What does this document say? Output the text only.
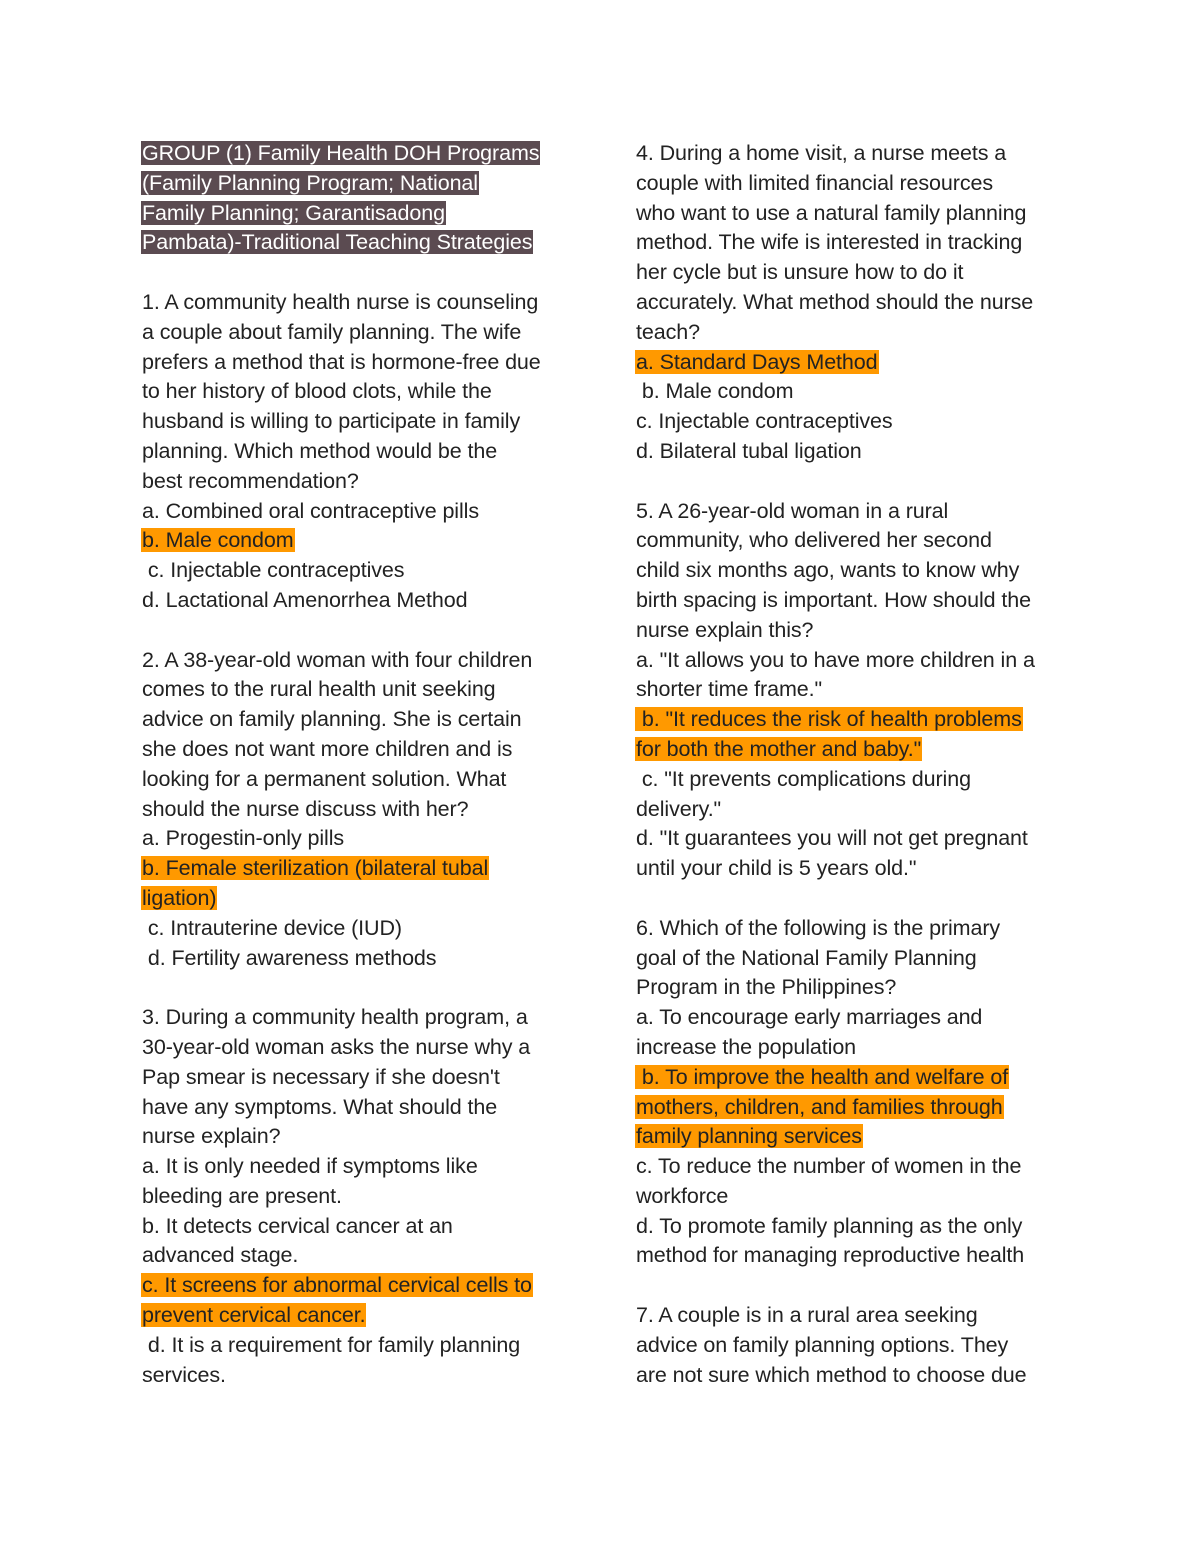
GROUP (1) Family Health DOH Programs
(Family Planning Program; National
Family Planning; Garantisadong
Pambata)-Traditional Teaching Strategies
1. A community health nurse is counseling
a couple about family planning. The wife
prefers a method that is hormone-free due
to her history of blood clots, while the
husband is willing to participate in family
planning. Which method would be the
best recommendation?
a. Combined oral contraceptive pills
b. Male condom
c. Injectable contraceptives
d. Lactational Amenorrhea Method
2. A 38-year-old woman with four children
comes to the rural health unit seeking
advice on family planning. She is certain
she does not want more children and is
looking for a permanent solution. What
should the nurse discuss with her?
a. Progestin-only pills
b. Female sterilization (bilateral tubal
ligation)
c. Intrauterine device (IUD)
d. Fertility awareness methods
3. During a community health program, a
30-year-old woman asks the nurse why a
Pap smear is necessary if she doesn't
have any symptoms. What should the
nurse explain?
a. It is only needed if symptoms like
bleeding are present.
b. It detects cervical cancer at an
advanced stage.
c. It screens for abnormal cervical cells to
prevent cervical cancer.
d. It is a requirement for family planning
services.
4. During a home visit, a nurse meets a
couple with limited financial resources
who want to use a natural family planning
method. The wife is interested in tracking
her cycle but is unsure how to do it
accurately. What method should the nurse
teach?
a. Standard Days Method
b. Male condom
c. Injectable contraceptives
d. Bilateral tubal ligation
5. A 26-year-old woman in a rural
community, who delivered her second
child six months ago, wants to know why
birth spacing is important. How should the
nurse explain this?
a. "It allows you to have more children in a
shorter time frame."
b. "It reduces the risk of health problems
for both the mother and baby."
c. "It prevents complications during
delivery."
d. "It guarantees you will not get pregnant
until your child is 5 years old."
6. Which of the following is the primary
goal of the National Family Planning
Program in the Philippines?
a. To encourage early marriages and
increase the population
b. To improve the health and welfare of
mothers, children, and families through
family planning services
c. To reduce the number of women in the
workforce
d. To promote family planning as the only
method for managing reproductive health
7. A couple is in a rural area seeking
advice on family planning options. They
are not sure which method to choose due
